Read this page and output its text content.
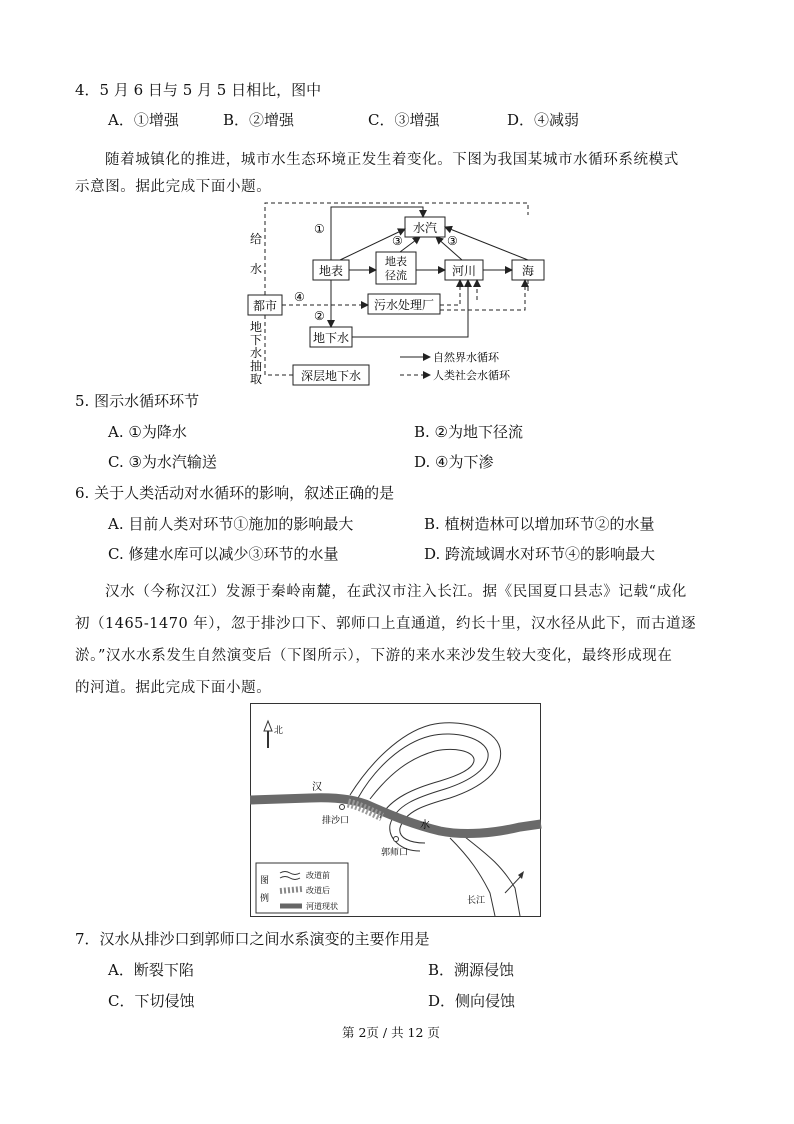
4．5 月 6 日与 5 月 5 日相比，图中
A．①增强	B．②增强	C．③增强	D．④减弱
随着城镇化的推进，城市水生态环境正发生着变化。下图为我国某城市水循环系统模式
示意图。据此完成下面小题。
水汽
地表
地表
径流	河川	海
都市	污水处理厂
地下水
深层地下水
①
②
③	③
④
给
水
地
下
水
抽
取
自然界水循环
人类社会水循环
5. 图示水循环环节
A. ①为降水	B. ②为地下径流
C. ③为水汽输送	D. ④为下渗
6. 关于人类活动对水循环的影响，叙述正确的是
A. 目前人类对环节①施加的影响最大	B. 植树造林可以增加环节②的水量
C. 修建水库可以减少③环节的水量	D. 跨流域调水对环节④的影响最大
汉水（今称汉江）发源于秦岭南麓，在武汉市注入长江。据《民国夏口县志》记载“成化
初（1465-1470 年），忽于排沙口下、郭师口上直通道，约长十里，汉水径从此下，而古道逐
淤。”汉水水系发生自然演变后（下图所示），下游的来水来沙发生较大变化，最终形成现在
的河道。据此完成下面小题。
北
排沙口
郭师口
汉
水
长江
图
例
改道前
改道后
河道现状
7．汉水从排沙口到郭师口之间水系演变的主要作用是
A．断裂下陷	B．溯源侵蚀
C．下切侵蚀	D．侧向侵蚀
第 2页 / 共 12 页
